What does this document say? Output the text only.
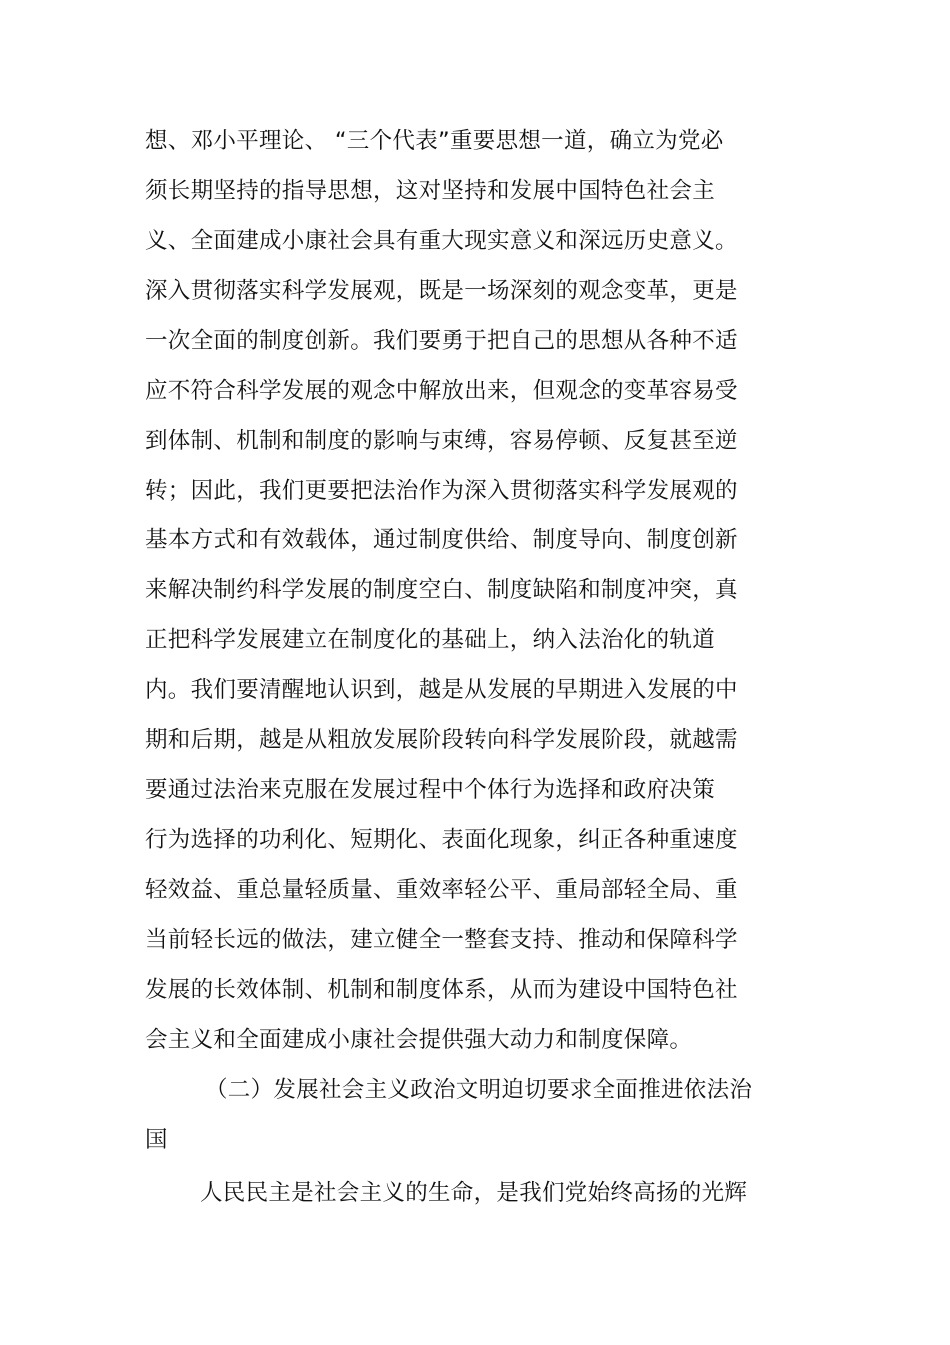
想、邓小平理论、 “三个代表”重要思想一道，确立为党必
须长期坚持的指导思想，这对坚持和发展中国特色社会主
义、全面建成小康社会具有重大现实意义和深远历史意义。
深入贯彻落实科学发展观，既是一场深刻的观念变革，更是
一次全面的制度创新。我们要勇于把自己的思想从各种不适
应不符合科学发展的观念中解放出来，但观念的变革容易受
到体制、机制和制度的影响与束缚，容易停顿、反复甚至逆
转；因此，我们更要把法治作为深入贯彻落实科学发展观的
基本方式和有效载体，通过制度供给、制度导向、制度创新
来解决制约科学发展的制度空白、制度缺陷和制度冲突，真
正把科学发展建立在制度化的基础上，纳入法治化的轨道
内。我们要清醒地认识到，越是从发展的早期进入发展的中
期和后期，越是从粗放发展阶段转向科学发展阶段，就越需
要通过法治来克服在发展过程中个体行为选择和政府决策
行为选择的功利化、短期化、表面化现象，纠正各种重速度
轻效益、重总量轻质量、重效率轻公平、重局部轻全局、重
当前轻长远的做法，建立健全一整套支持、推动和保障科学
发展的长效体制、机制和制度体系，从而为建设中国特色社
会主义和全面建成小康社会提供强大动力和制度保障。
（二）发展社会主义政治文明迫切要求全面推进依法治
国
人民民主是社会主义的生命，是我们党始终高扬的光辉
